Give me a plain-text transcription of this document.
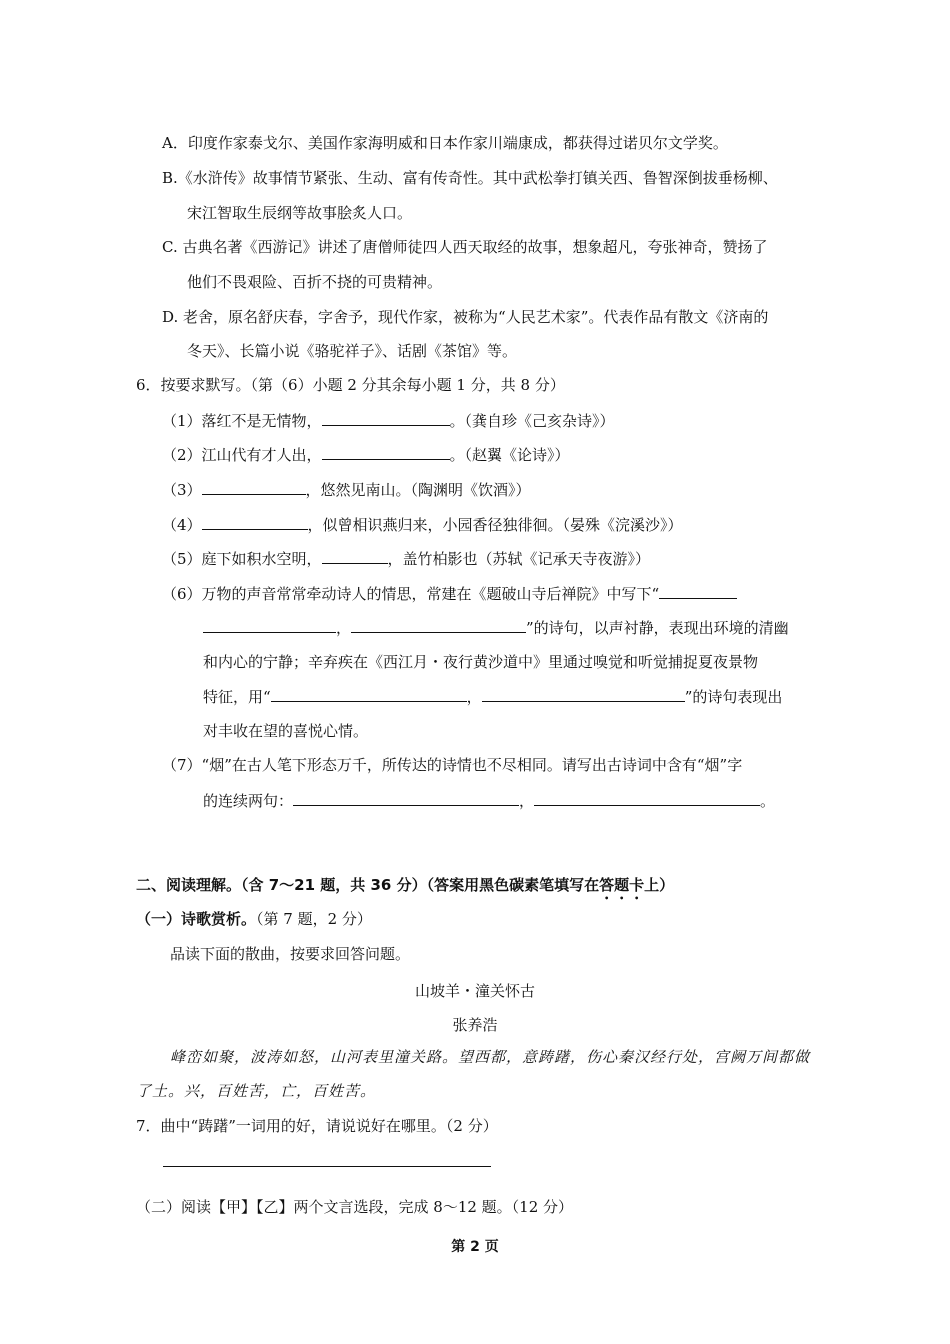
A．印度作家泰戈尔、美国作家海明威和日本作家川端康成，都获得过诺贝尔文学奖。
B.《水浒传》故事情节紧张、生动、富有传奇性。其中武松拳打镇关西、鲁智深倒拔垂杨柳、
宋江智取生辰纲等故事脍炙人口。
C. 古典名著《西游记》讲述了唐僧师徒四人西天取经的故事，想象超凡，夸张神奇，赞扬了
他们不畏艰险、百折不挠的可贵精神。
D. 老舍，原名舒庆春，字舍予，现代作家，被称为“人民艺术家”。代表作品有散文《济南的
冬天》、长篇小说《骆驼祥子》、话剧《茶馆》等。
6．按要求默写。（第（6）小题 2 分其余每小题 1 分，共 8 分）
（1）落红不是无情物，	。（龚自珍《己亥杂诗》）
（2）江山代有才人出，	。（赵翼《论诗》）
（3）	，悠然见南山。（陶渊明《饮酒》）
（4）	，似曾相识燕归来，小园香径独徘徊。（晏殊《浣溪沙》）
（5）庭下如积水空明，	，盖竹柏影也（苏轼《记承天寺夜游》）
（6）万物的声音常常牵动诗人的情思，常建在《题破山寺后禅院》中写下“
，	”的诗句，以声衬静，表现出环境的清幽
和内心的宁静；辛弃疾在《西江月・夜行黄沙道中》里通过嗅觉和听觉捕捉夏夜景物
特征，用“	，	”的诗句表现出
对丰收在望的喜悦心情。
（7）“烟”在古人笔下形态万千，所传达的诗情也不尽相同。请写出古诗词中含有“烟”字
的连续两句：	，	。
二、阅读理解。（含 7～21 题，共 36 分）（答案用黑色碳素笔填写在答题卡上）
（一）诗歌赏析。（第 7 题，2 分）
品读下面的散曲，按要求回答问题。
山坡羊・潼关怀古
张养浩
峰峦如聚，波涛如怒，山河表里潼关路。望西都，意踌躇，伤心秦汉经行处，宫阙万间都做
了土。兴，百姓苦，亡，百姓苦。
7．曲中“踌躇”一词用的好，请说说好在哪里。（2 分）
（二）阅读【甲】【乙】两个文言选段，完成 8～12 题。（12 分）
第 2 页
